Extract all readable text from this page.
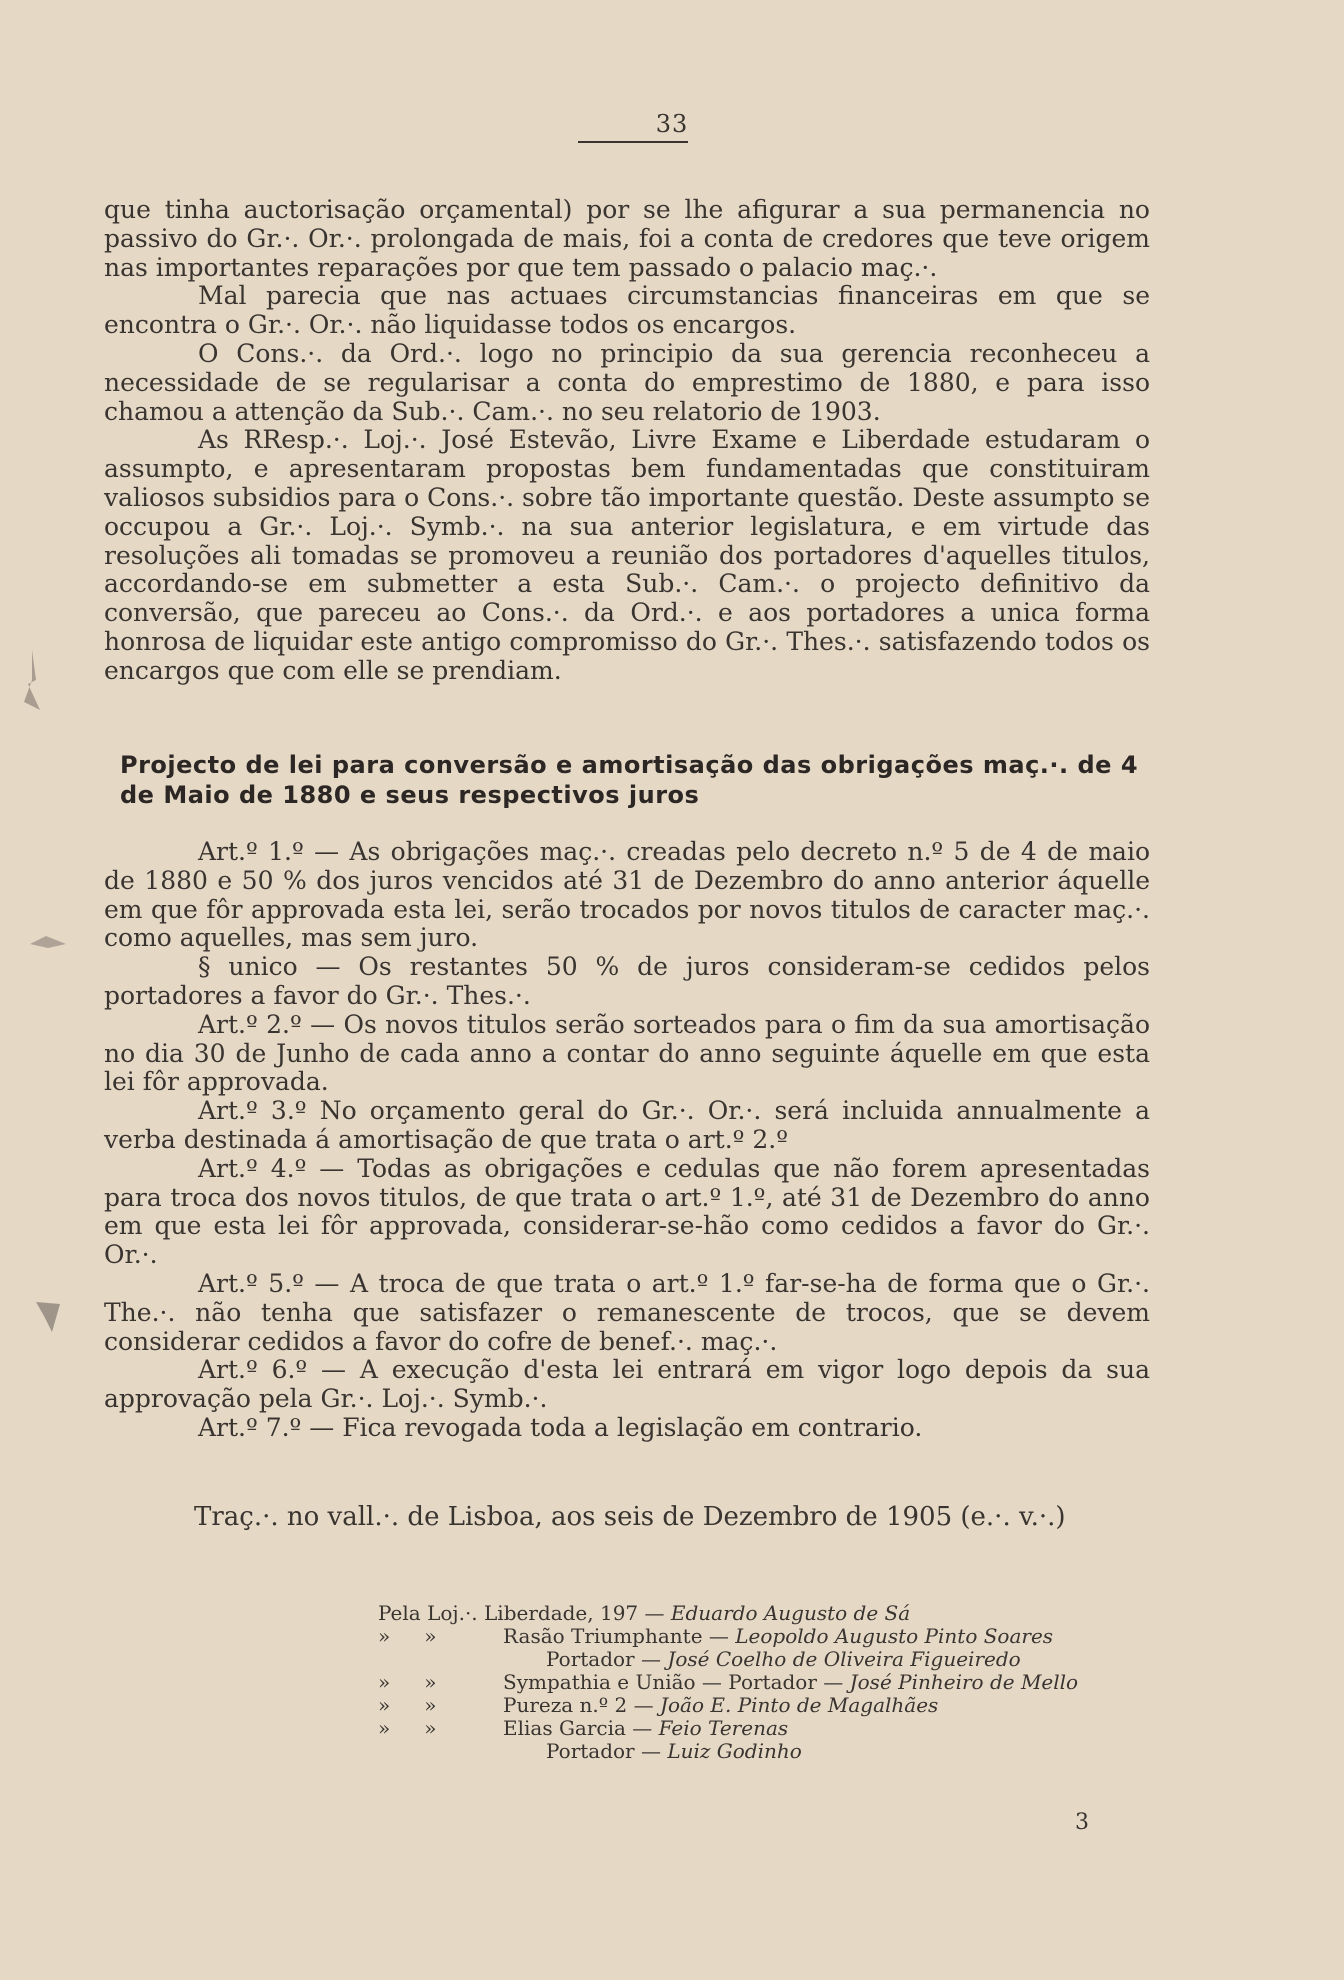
33

que tinha auctorisação orçamental) por se lhe afigurar a sua permanencia no passivo do Gr.·. Or.·. prolongada de mais, foi a conta de credores que teve origem nas importantes reparações por que tem passado o palacio maç.·.

Mal parecia que nas actuaes circumstancias financeiras em que se encontra o Gr.·. Or.·. não liquidasse todos os encargos.

O Cons.·. da Ord.·. logo no principio da sua gerencia reconheceu a necessidade de se regularisar a conta do emprestimo de 1880, e para isso chamou a attenção da Sub.·. Cam.·. no seu relatorio de 1903.

As RResp.·. Loj.·. José Estevão, Livre Exame e Liberdade estudaram o assumpto, e apresentaram propostas bem fundamentadas que constituiram valiosos subsidios para o Cons.·. sobre tão importante questão. Deste assumpto se occupou a Gr.·. Loj.·. Symb.·. na sua anterior legislatura, e em virtude das resoluções ali tomadas se promoveu a reunião dos portadores d'aquelles titulos, accordando-se em submetter a esta Sub.·. Cam.·. o projecto definitivo da conversão, que pareceu ao Cons.·. da Ord.·. e aos portadores a unica forma honrosa de liquidar este antigo compromisso do Gr.·. Thes.·. satisfazendo todos os encargos que com elle se prendiam.

Projecto de lei para conversão e amortisação das obrigações maç.·. de 4 de Maio de 1880 e seus respectivos juros

Art.º 1.º — As obrigações maç.·. creadas pelo decreto n.º 5 de 4 de maio de 1880 e 50 % dos juros vencidos até 31 de Dezembro do anno anterior áquelle em que fôr approvada esta lei, serão trocados por novos titulos de caracter maç.·. como aquelles, mas sem juro.

§ unico — Os restantes 50 % de juros consideram-se cedidos pelos portadores a favor do Gr.·. Thes.·.

Art.º 2.º — Os novos titulos serão sorteados para o fim da sua amortisação no dia 30 de Junho de cada anno a contar do anno seguinte áquelle em que esta lei fôr approvada.

Art.º 3.º No orçamento geral do Gr.·. Or.·. será incluida annualmente a verba destinada á amortisação de que trata o art.º 2.º

Art.º 4.º — Todas as obrigações e cedulas que não forem apresentadas para troca dos novos titulos, de que trata o art.º 1.º, até 31 de Dezembro do anno em que esta lei fôr approvada, considerar-se-hão como cedidos a favor do Gr.·. Or.·.

Art.º 5.º — A troca de que trata o art.º 1.º far-se-ha de forma que o Gr.·. The.·. não tenha que satisfazer o remanescente de trocos, que se devem considerar cedidos a favor do cofre de benef.·. maç.·.

Art.º 6.º — A execução d'esta lei entrará em vigor logo depois da sua approvação pela Gr.·. Loj.·. Symb.·.

Art.º 7.º — Fica revogada toda a legislação em contrario.

Traç.·. no vall.·. de Lisboa, aos seis de Dezembro de 1905 (e.·. v.·.)
Pela Loj.·. Liberdade, 197 — Eduardo Augusto de Sá
» »	Rasão Triumphante — Leopoldo Augusto Pinto Soares
Portador — José Coelho de Oliveira Figueiredo
» »	Sympathia e União — Portador — José Pinheiro de Mello
» »	Pureza n.º 2 — João E. Pinto de Magalhães
» »	Elias Garcia — Feio Terenas
Portador — Luiz Godinho
3
